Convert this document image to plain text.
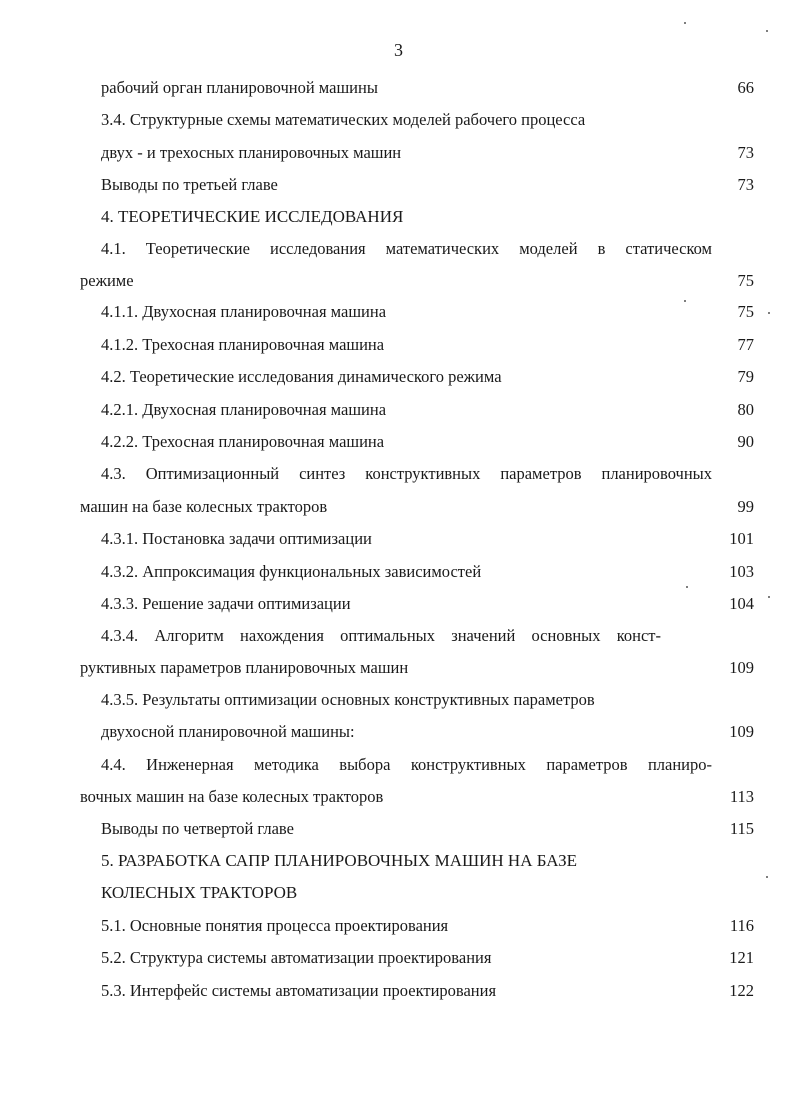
3
рабочий орган планировочной машины	66
3.4. Структурные схемы математических моделей рабочего процесса
двух - и трехосных планировочных машин	73
Выводы по третьей главе	73
4. ТЕОРЕТИЧЕСКИЕ ИССЛЕДОВАНИЯ
4.1. Теоретические исследования математических моделей в статическом
режиме	75
4.1.1. Двухосная планировочная машина	75
4.1.2. Трехосная планировочная машина	77
4.2. Теоретические исследования динамического режима	79
4.2.1. Двухосная планировочная машина	80
4.2.2. Трехосная планировочная машина	90
4.3. Оптимизационный синтез конструктивных параметров планировочных
машин на базе колесных тракторов	99
4.3.1. Постановка задачи оптимизации	101
4.3.2. Аппроксимация функциональных зависимостей	103
4.3.3. Решение задачи оптимизации	104
4.3.4. Алгоритм нахождения оптимальных значений основных конст-
руктивных параметров планировочных машин	109
4.3.5. Результаты оптимизации основных конструктивных параметров
двухосной планировочной машины:	109
4.4. Инженерная методика выбора конструктивных параметров планиро-
вочных машин на базе колесных тракторов	113
Выводы по четвертой главе	115
5. РАЗРАБОТКА САПР ПЛАНИРОВОЧНЫХ МАШИН НА БАЗЕ
КОЛЕСНЫХ ТРАКТОРОВ
5.1. Основные понятия процесса проектирования	116
5.2. Структура системы автоматизации проектирования	121
5.3. Интерфейс системы автоматизации проектирования	122
